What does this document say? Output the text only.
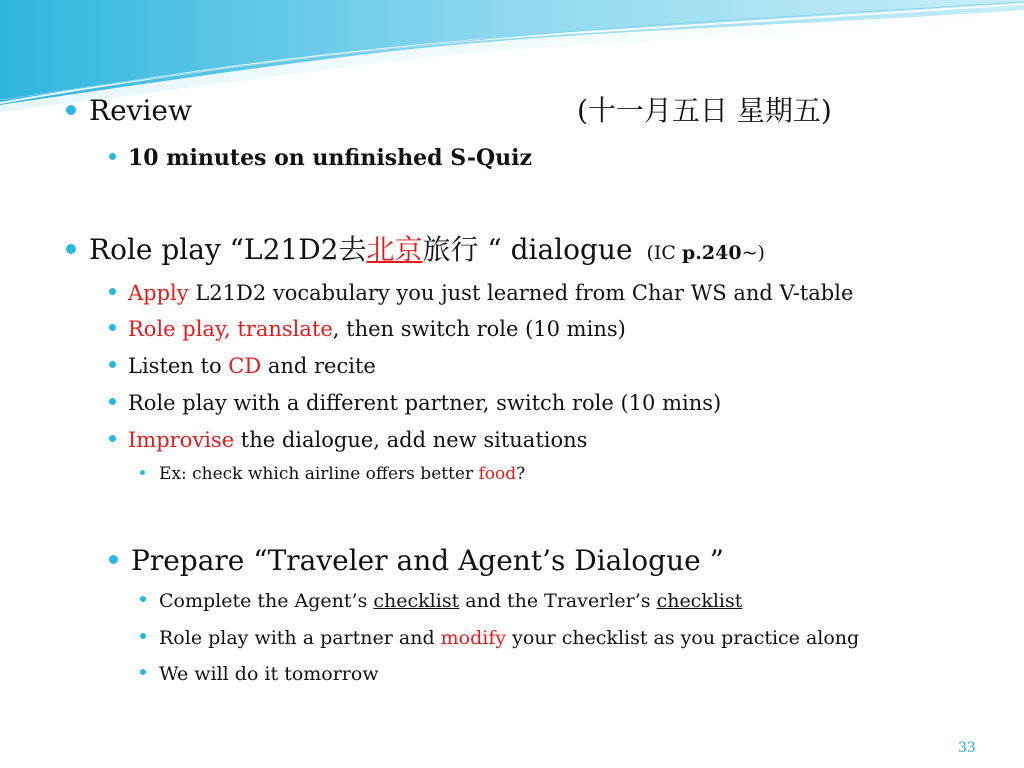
Review	(十一月五日 星期五)
10 minutes on unfinished S-Quiz
Role play “L21D2去北京旅行 “ dialogue (IC p.240~)
Apply L21D2 vocabulary you just learned from Char WS and V-table
Role play, translate, then switch role (10 mins)
Listen to CD and recite
Role play with a different partner, switch role (10 mins)
Improvise the dialogue, add new situations
Ex: check which airline offers better food?
Prepare “Traveler and Agent’s Dialogue ”
Complete the Agent’s checklist and the Traverler’s checklist
Role play with a partner and modify your checklist as you practice along
We will do it tomorrow
33
